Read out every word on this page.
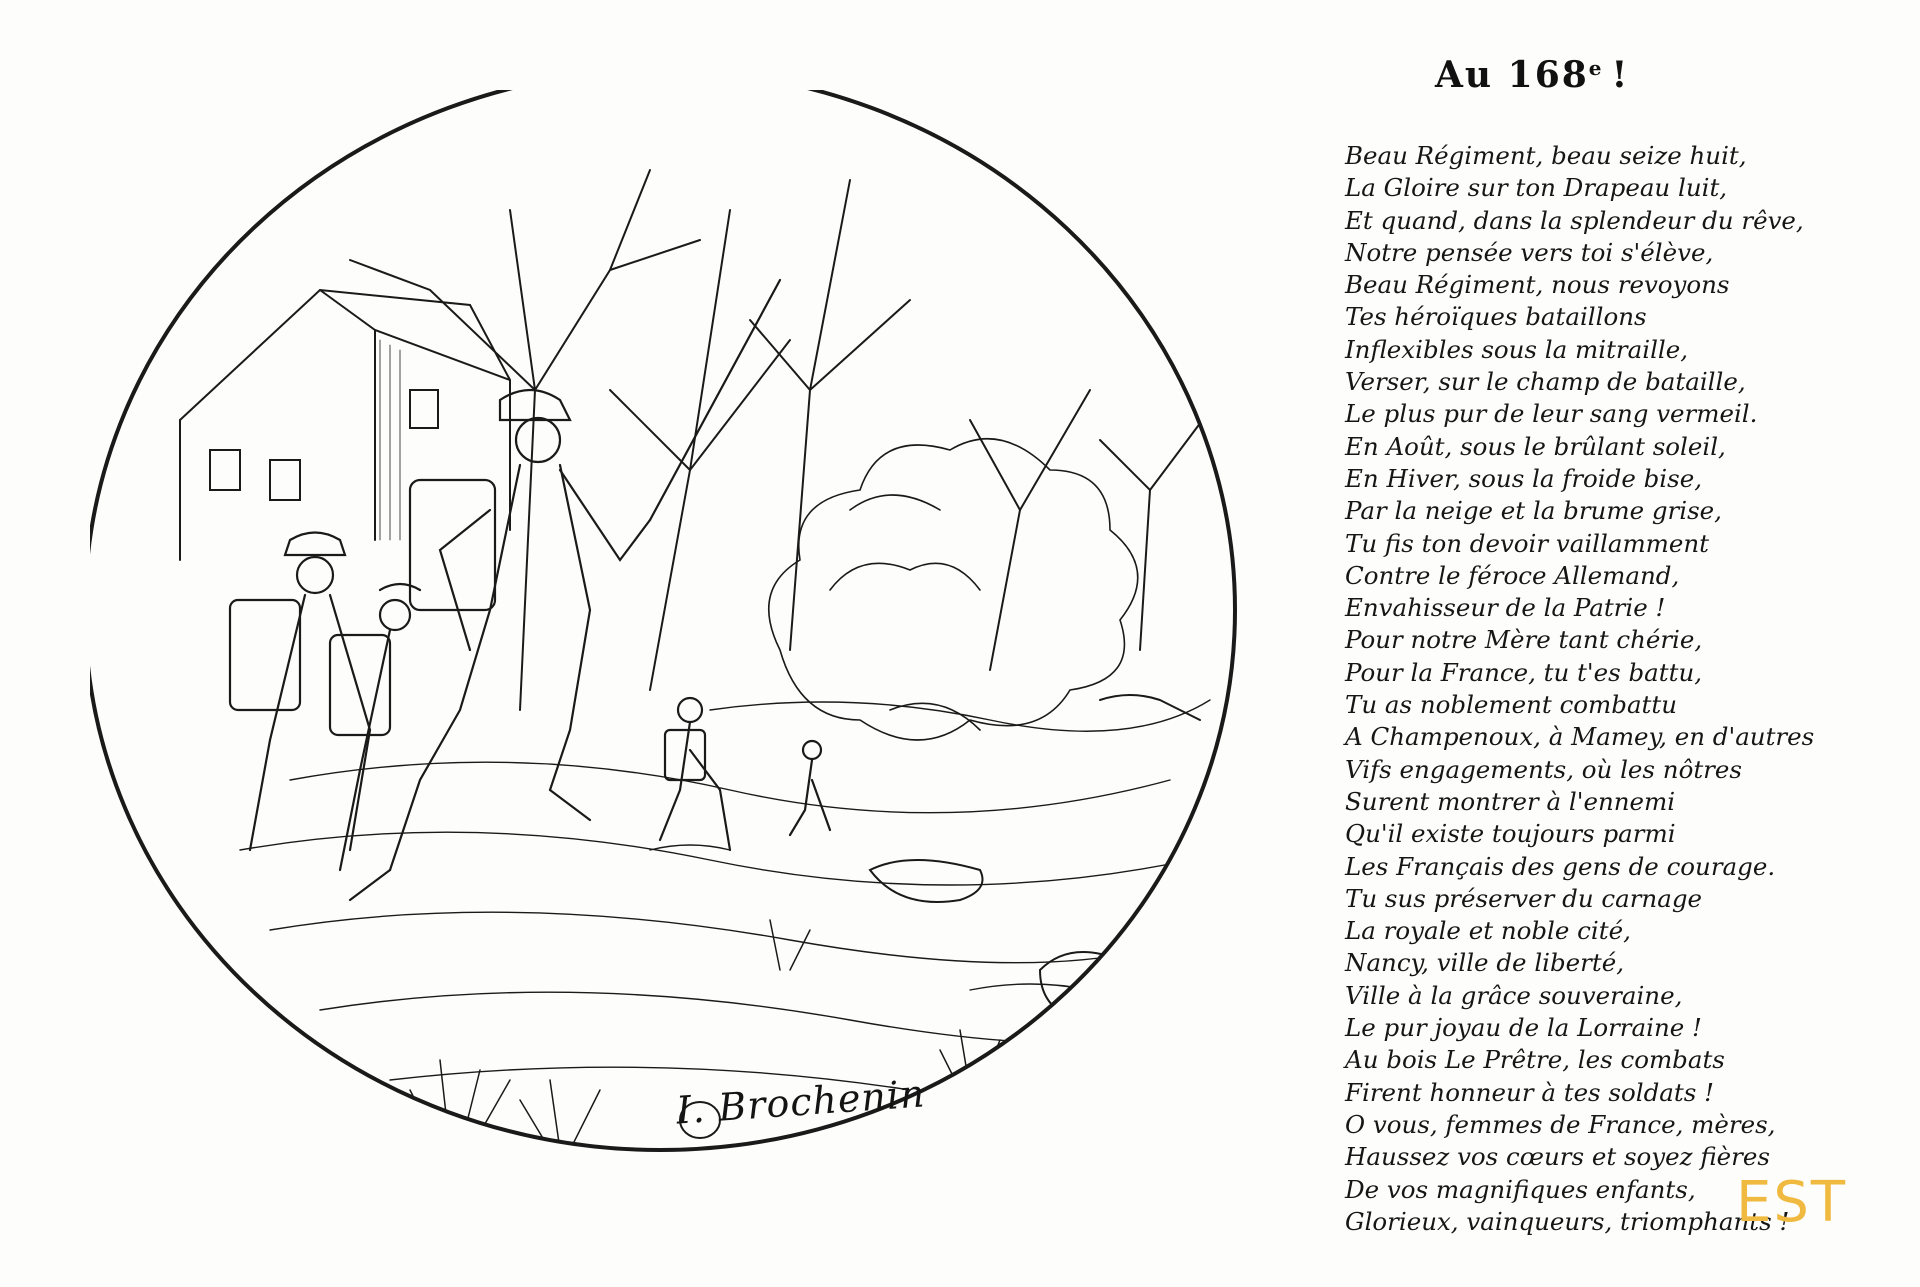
I. Brochenin
Au 168e !
Beau Régiment, beau seize huit,
La Gloire sur ton Drapeau luit,
Et quand, dans la splendeur du rêve,
Notre pensée vers toi s'élève,
Beau Régiment, nous revoyons
Tes héroïques bataillons
Inflexibles sous la mitraille,
Verser, sur le champ de bataille,
Le plus pur de leur sang vermeil.
En Août, sous le brûlant soleil,
En Hiver, sous la froide bise,
Par la neige et la brume grise,
Tu fis ton devoir vaillamment
Contre le féroce Allemand,
Envahisseur de la Patrie !
Pour notre Mère tant chérie,
Pour la France, tu t'es battu,
Tu as noblement combattu
A Champenoux, à Mamey, en d'autres
Vifs engagements, où les nôtres
Surent montrer à l'ennemi
Qu'il existe toujours parmi
Les Français des gens de courage.
Tu sus préserver du carnage
La royale et noble cité,
Nancy, ville de liberté,
Ville à la grâce souveraine,
Le pur joyau de la Lorraine !
Au bois Le Prêtre, les combats
Firent honneur à tes soldats !
O vous, femmes de France, mères,
Haussez vos cœurs et soyez fières
De vos magnifiques enfants,
Glorieux, vainqueurs, triomphants !
EST
